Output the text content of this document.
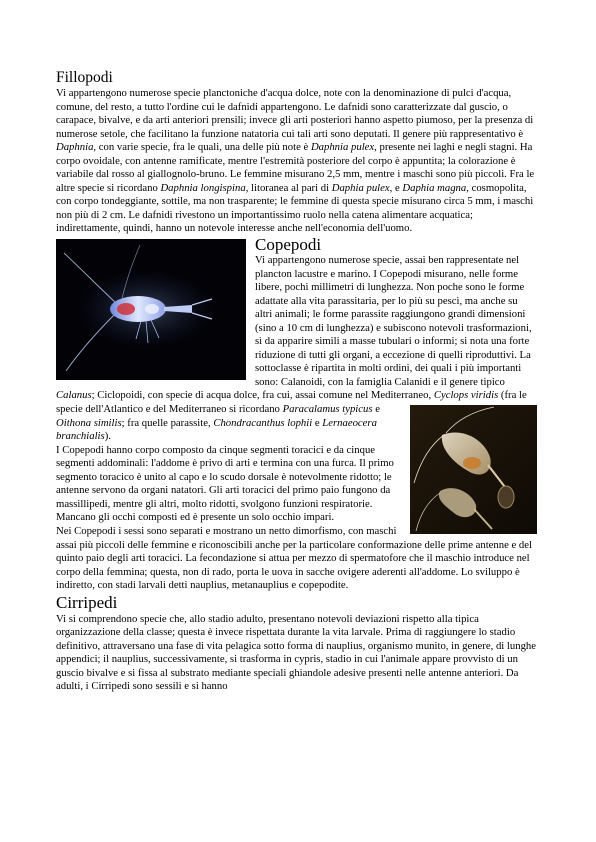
Fillopodi

Vi appartengono numerose specie planctoniche d'acqua dolce, note con la denominazione di pulci d'acqua, comune, del resto, a tutto l'ordine cui le dafnidi appartengono. Le dafnidi sono caratterizzate dal guscio, o carapace, bivalve, e da arti anteriori prensili; invece gli arti posteriori hanno aspetto piumoso, per la presenza di numerose setole, che facilitano la funzione natatoria cui tali arti sono deputati. Il genere più rappresentativo è Daphnia, con varie specie, fra le quali, una delle più note è Daphnia pulex, presente nei laghi e negli stagni. Ha corpo ovoidale, con antenne ramificate, mentre l'estremità posteriore del corpo è appuntita; la colorazione è variabile dal rosso al giallognolo-bruno. Le femmine misurano 2,5 mm, mentre i maschi sono più piccoli. Fra le altre specie si ricordano Daphnia longispina, litoranea al pari di Daphia pulex, e Daphia magna, cosmopolita, con corpo tondeggiante, sottile, ma non trasparente; le femmine di questa specie misurano circa 5 mm, i maschi non più di 2 cm. Le dafnidi rivestono un importantissimo ruolo nella catena alimentare acquatica; indirettamente, quindi, hanno un notevole interesse anche nell'economia dell'uomo.

Copepodi

Vi appartengono numerose specie, assai ben rappresentate nel plancton lacustre e marino. I Copepodi misurano, nelle forme libere, pochi millimetri di lunghezza. Non poche sono le forme adattate alla vita parassitaria, per lo più su pesci, ma anche su altri animali; le forme parassite raggiungono grandi dimensioni (sino a 10 cm di lunghezza) e subiscono notevoli trasformazioni, sì da apparire simili a masse tubulari o informi; si nota una forte riduzione di tutti gli organi, a eccezione di quelli riproduttivi. La sottoclasse è ripartita in molti ordini, dei quali i più importanti sono: Calanoidi, con la famiglia Calanidi e il genere tipico Calanus; Ciclopoidi, con specie di acqua dolce, fra cui, assai comune nel Mediterraneo, Cyclops viridis (fra le specie dell'Atlantico e del Mediterraneo si ricordano
Paracalamus typicus e Oithona similis; fra quelle parassite, Chondracanthus lophii e Lernaeocera branchialis).

I Copepodi hanno corpo composto da cinque segmenti toracici e da cinque segmenti addominali: l'addome è privo di arti e termina con una furca. Il primo segmento toracico è unito al capo e lo scudo dorsale è notevolmente ridotto; le antenne servono da organi natatori. Gli arti toracici del primo paio fungono da massillipedi, mentre gli altri, molto ridotti, svolgono funzioni respiratorie. Mancano gli occhi composti ed è presente un solo occhio impari.

Nei Copepodi i sessi sono separati e mostrano un netto dimorfismo, con maschi assai più piccoli delle femmine e riconoscibili anche per la particolare conformazione delle prime antenne e del quinto paio degli arti toracici. La fecondazione si attua per mezzo di spermatofore che il maschio introduce nel corpo della femmina; questa, non di rado, porta le uova in sacche ovigere aderenti all'addome. Lo sviluppo è indiretto, con stadi larvali detti nauplius, metanauplius e copepodite.

Cirripedi

Vi si comprendono specie che, allo stadio adulto, presentano notevoli deviazioni rispetto alla tipica organizzazione della classe; questa è invece rispettata durante la vita larvale. Prima di raggiungere lo stadio definitivo, attraversano una fase di vita pelagica sotto forma di nauplius, organismo munito, in genere, di lunghe appendici; il nauplius, successivamente, si trasforma in cypris, stadio in cui l'animale appare provvisto di un guscio bivalve e si fissa al substrato mediante speciali ghiandole adesive presenti nelle antenne anteriori. Da adulti, i Cirripedi sono sessili e si hanno
